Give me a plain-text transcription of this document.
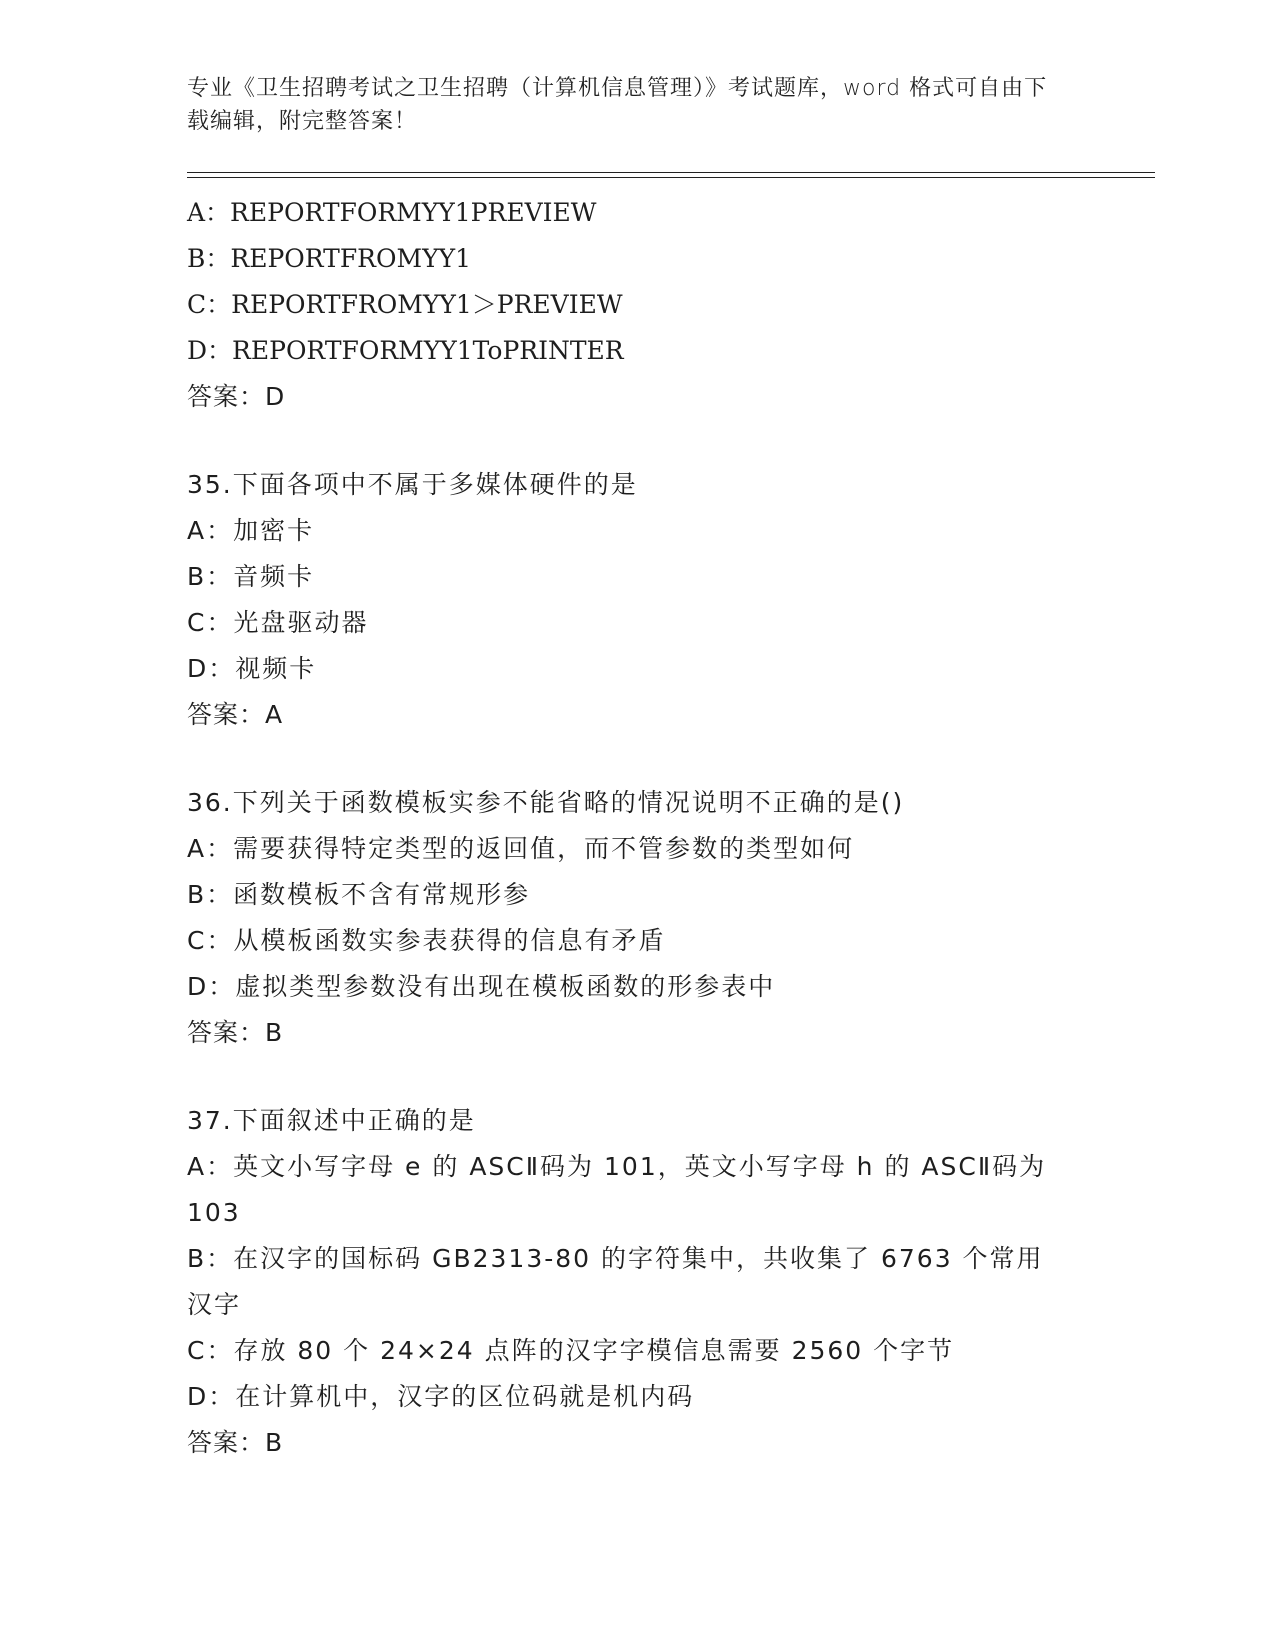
专业《卫生招聘考试之卫生招聘（计算机信息管理）》考试题库，word 格式可自由下载编辑，附完整答案！
A：REPORTFORMYY1PREVIEW
B：REPORTFROMYY1
C：REPORTFROMYY1＞PREVIEW
D：REPORTFORMYY1ToPRINTER
答案：D
35.下面各项中不属于多媒体硬件的是
A：加密卡
B：音频卡
C：光盘驱动器
D：视频卡
答案：A
36.下列关于函数模板实参不能省略的情况说明不正确的是()
A：需要获得特定类型的返回值，而不管参数的类型如何
B：函数模板不含有常规形参
C：从模板函数实参表获得的信息有矛盾
D：虚拟类型参数没有出现在模板函数的形参表中
答案：B
37.下面叙述中正确的是
A：英文小写字母 e 的 ASCⅡ码为 101，英文小写字母 h 的 ASCⅡ码为 103
B：在汉字的国标码 GB2313-80 的字符集中，共收集了 6763 个常用汉字
C：存放 80 个 24×24 点阵的汉字字模信息需要 2560 个字节
D：在计算机中，汉字的区位码就是机内码
答案：B
